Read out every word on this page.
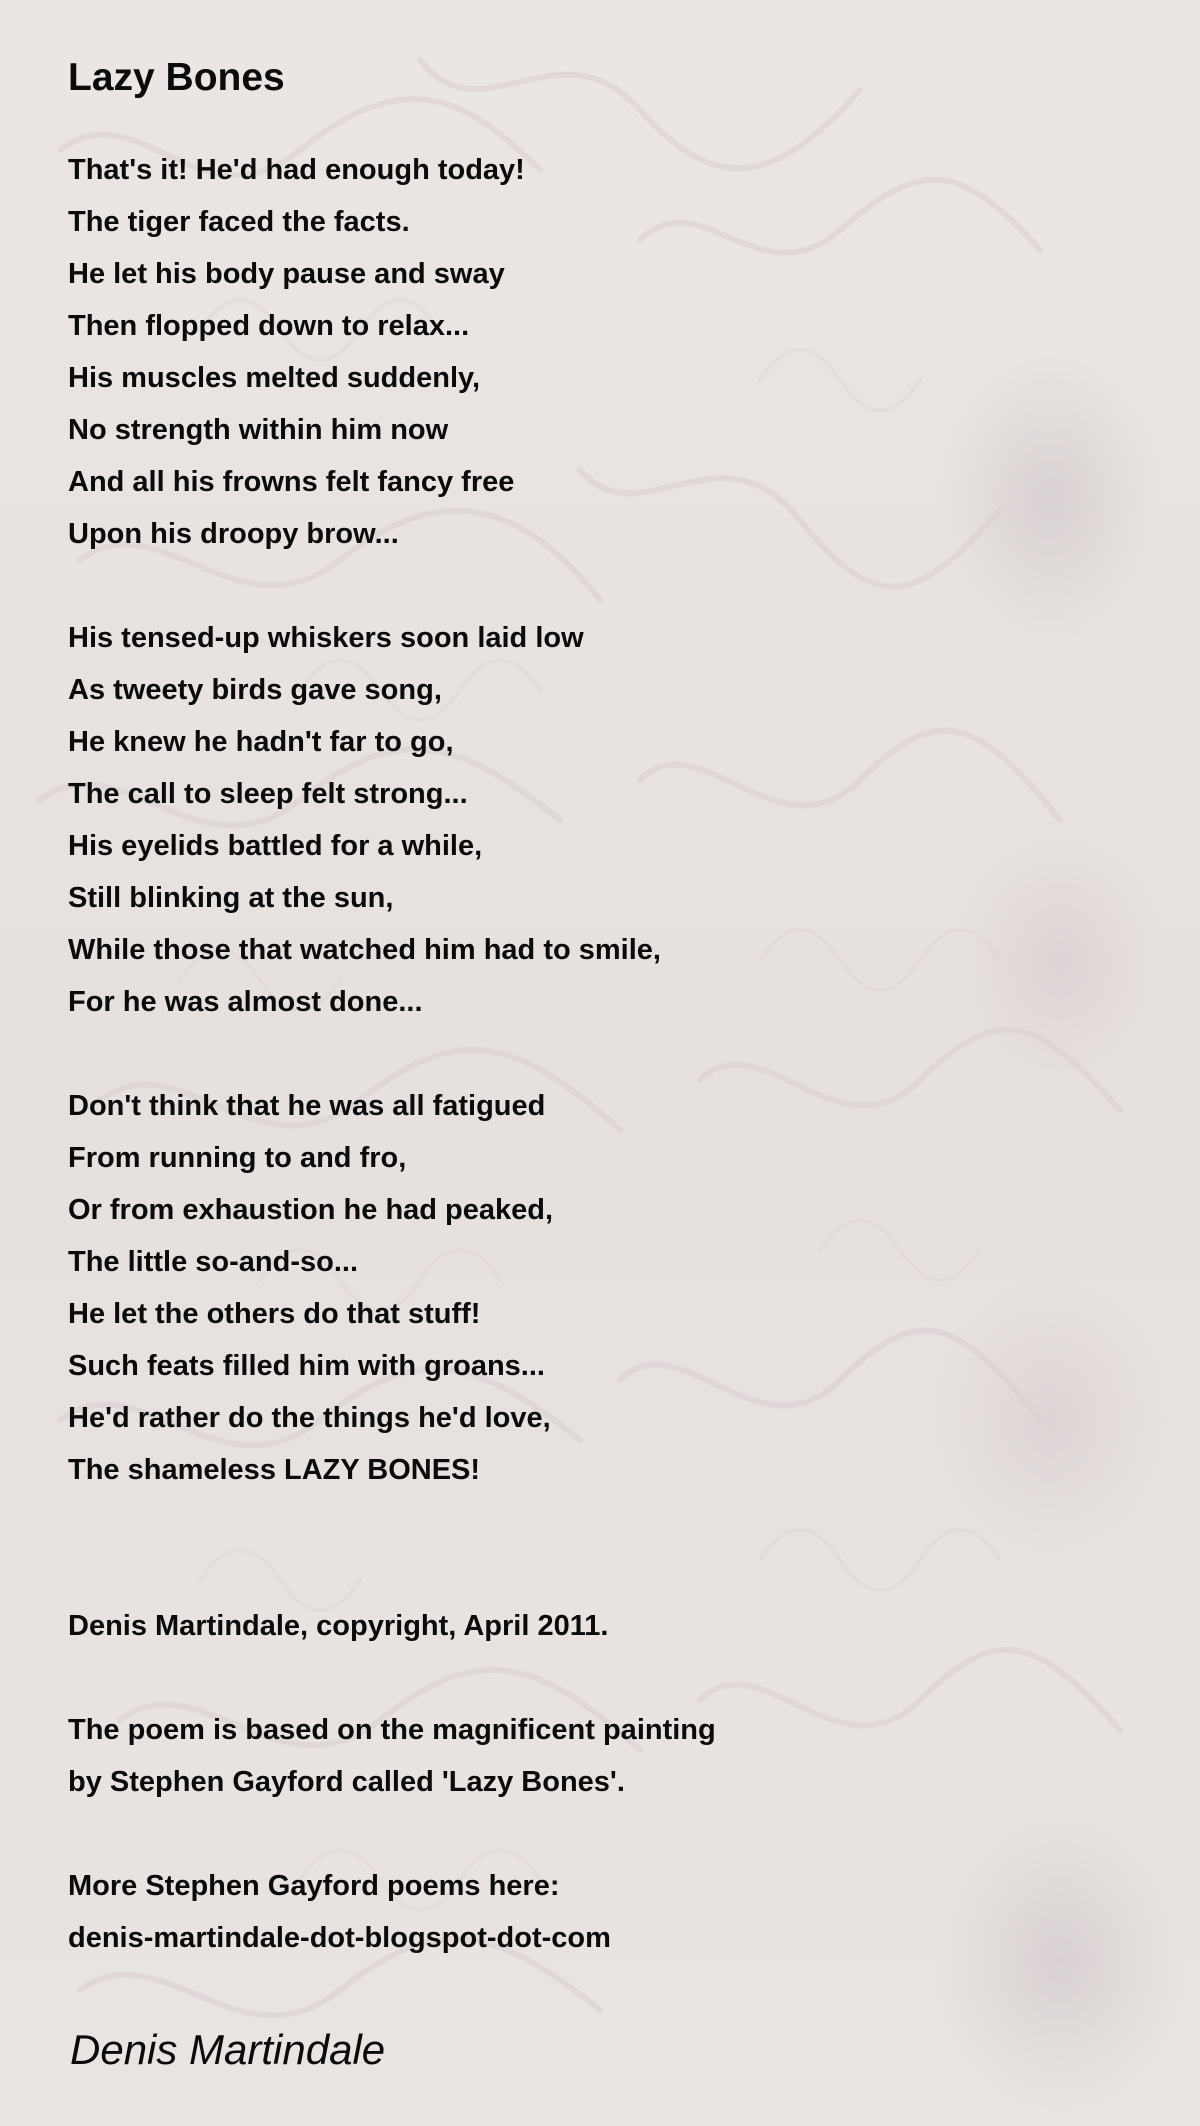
Lazy Bones
That's it! He'd had enough today!
The tiger faced the facts.
He let his body pause and sway
Then flopped down to relax...
His muscles melted suddenly,
No strength within him now
And all his frowns felt fancy free
Upon his droopy brow...
His tensed-up whiskers soon laid low
As tweety birds gave song,
He knew he hadn't far to go,
The call to sleep felt strong...
His eyelids battled for a while,
Still blinking at the sun,
While those that watched him had to smile,
For he was almost done...
Don't think that he was all fatigued
From running to and fro,
Or from exhaustion he had peaked,
The little so-and-so...
He let the others do that stuff!
Such feats filled him with groans...
He'd rather do the things he'd love,
The shameless LAZY BONES!
Denis Martindale, copyright, April 2011.
The poem is based on the magnificent painting
by Stephen Gayford called 'Lazy Bones'.
More Stephen Gayford poems here:
denis-martindale-dot-blogspot-dot-com
Denis Martindale
